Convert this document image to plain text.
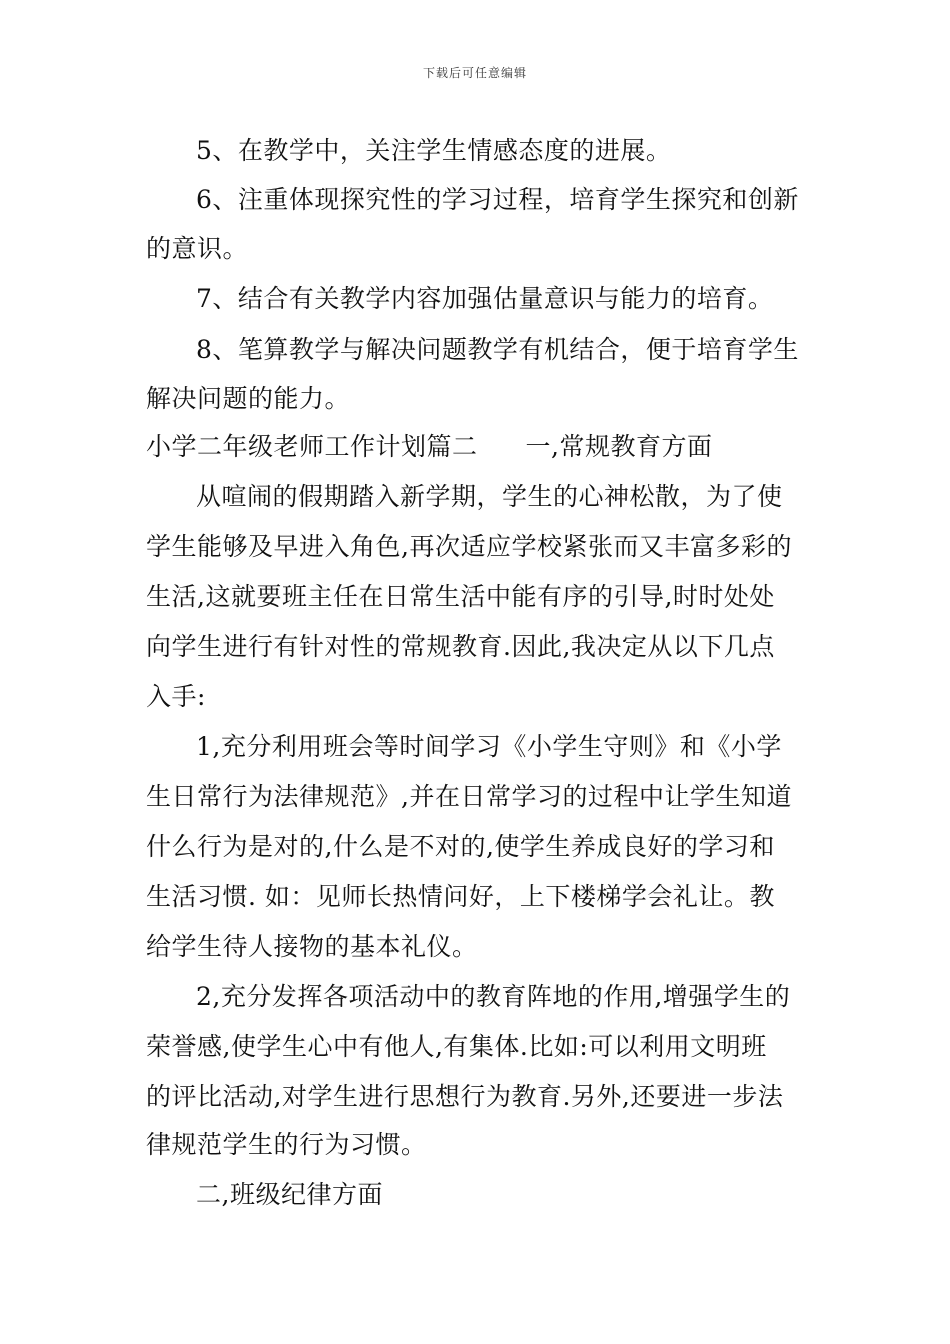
下载后可任意编辑
5、在教学中，关注学生情感态度的进展。
6、注重体现探究性的学习过程，培育学生探究和创新
的意识。
7、结合有关教学内容加强估量意识与能力的培育。
8、笔算教学与解决问题教学有机结合，便于培育学生
解决问题的能力。
小学二年级老师工作计划篇二 一,常规教育方面
从喧闹的假期踏入新学期，学生的心神松散，为了使
学生能够及早进入角色,再次适应学校紧张而又丰富多彩的
生活,这就要班主任在日常生活中能有序的引导,时时处处
向学生进行有针对性的常规教育.因此,我决定从以下几点
入手:
1,充分利用班会等时间学习《小学生守则》和《小学
生日常行为法律规范》,并在日常学习的过程中让学生知道
什么行为是对的,什么是不对的,使学生养成良好的学习和
生活习惯. 如：见师长热情问好，上下楼梯学会礼让。教
给学生待人接物的基本礼仪。
2,充分发挥各项活动中的教育阵地的作用,增强学生的
荣誉感,使学生心中有他人,有集体.比如:可以利用文明班
的评比活动,对学生进行思想行为教育.另外,还要进一步法
律规范学生的行为习惯。
二,班级纪律方面
